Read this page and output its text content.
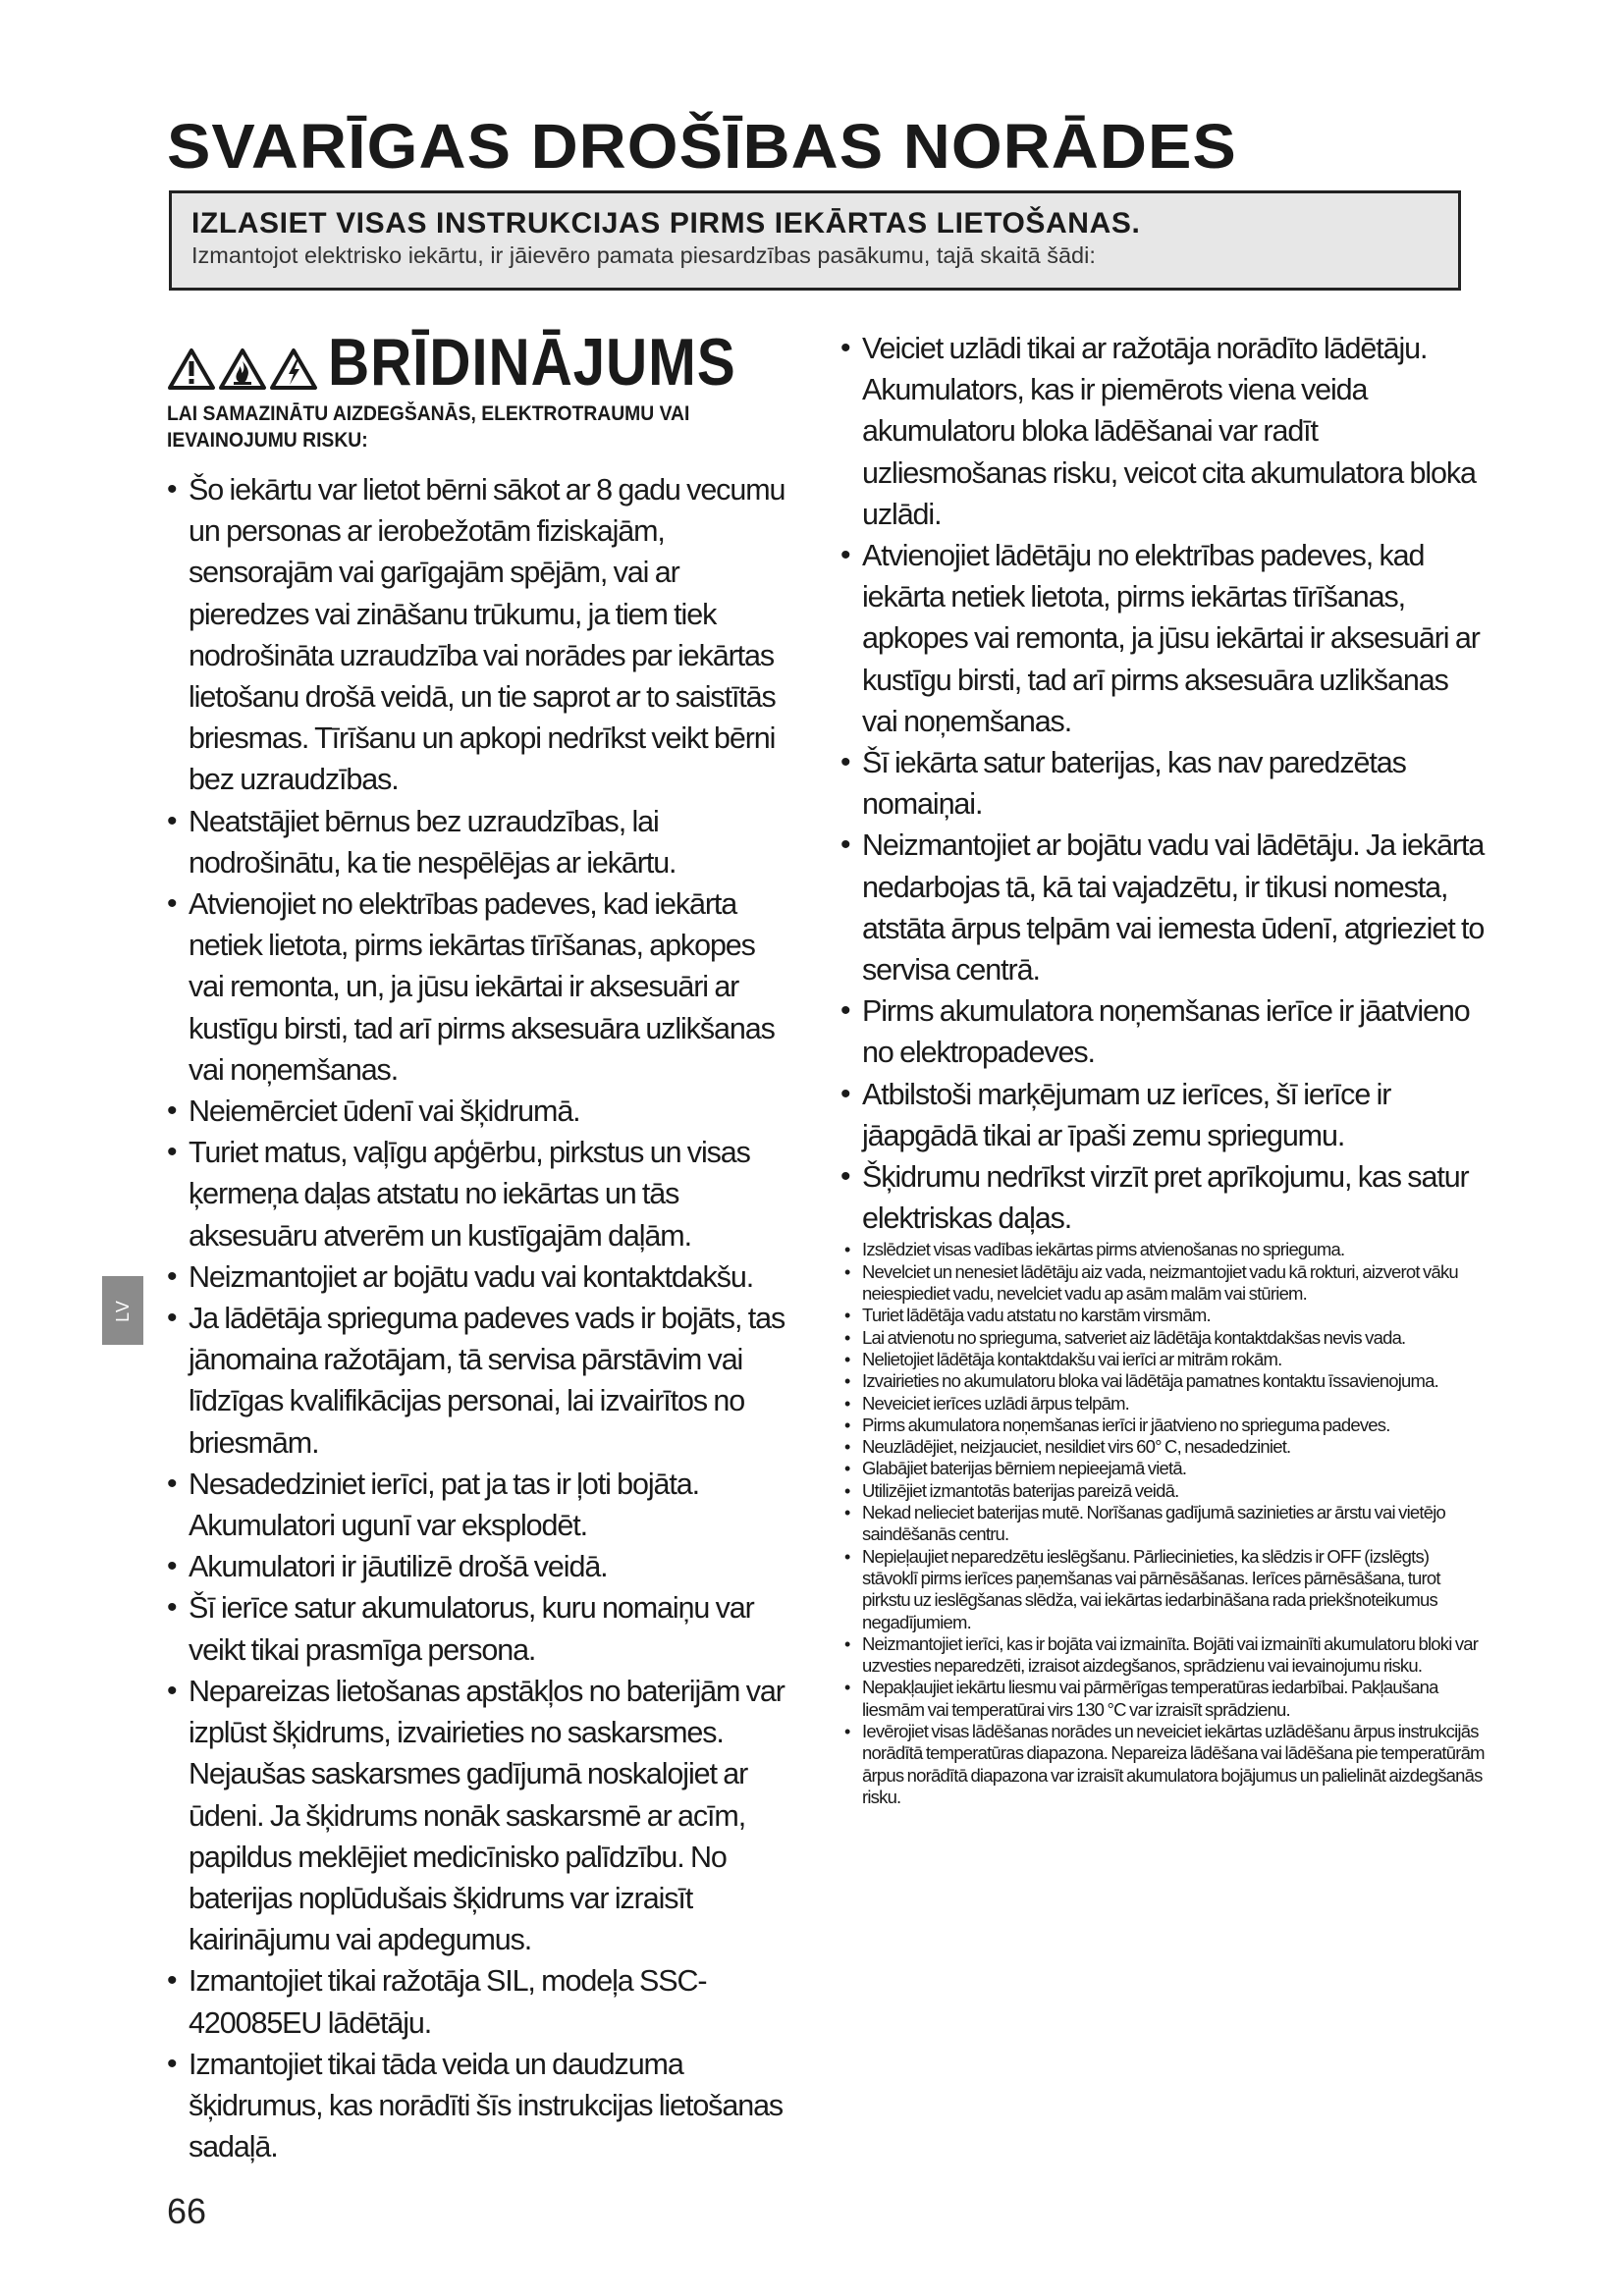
SVARĪGAS DROŠĪBAS NORĀDES
IZLASIET VISAS INSTRUKCIJAS PIRMS IEKĀRTAS LIETOŠANAS.
Izmantojot elektrisko iekārtu, ir jāievēro pamata piesardzības pasākumu, tajā skaitā šādi:
BRĪDINĀJUMS
LAI SAMAZINĀTU AIZDEGŠANĀS, ELEKTROTRAUMU VAI IEVAINOJUMU RISKU:
• Šo iekārtu var lietot bērni sākot ar 8 gadu vecumu un personas ar ierobežotām fiziskajām, sensorajām vai garīgajām spējām, vai ar pieredzes vai zināšanu trūkumu, ja tiem tiek nodrošināta uzraudzība vai norādes par iekārtas lietošanu drošā veidā, un tie saprot ar to saistītās briesmas. Tīrīšanu un apkopi nedrīkst veikt bērni bez uzraudzības.
• Neatstājiet bērnus bez uzraudzības, lai nodrošinātu, ka tie nespēlējas ar iekārtu.
• Atvienojiet no elektrības padeves, kad iekārta netiek lietota, pirms iekārtas tīrīšanas, apkopes vai remonta, un, ja jūsu iekārtai ir aksesuāri ar kustīgu birsti, tad arī pirms aksesuāra uzlikšanas vai noņemšanas.
• Neiemērciet ūdenī vai šķidrumā.
• Turiet matus, vaļīgu apģērbu, pirkstus un visas ķermeņa daļas atstatu no iekārtas un tās aksesuāru atverēm un kustīgajām daļām.
• Neizmantojiet ar bojātu vadu vai kontaktdakšu.
• Ja lādētāja sprieguma padeves vads ir bojāts, tas jānomaina ražotājam, tā servisa pārstāvim vai līdzīgas kvalifikācijas personai, lai izvairītos no briesmām.
• Nesadedziniet ierīci, pat ja tas ir ļoti bojāta. Akumulatori ugunī var eksplodēt.
• Akumulatori ir jāutilizē drošā veidā.
• Šī ierīce satur akumulatorus, kuru nomaiņu var veikt tikai prasmīga persona.
• Nepareizas lietošanas apstākļos no baterijām var izplūst šķidrums, izvairieties no saskarsmes. Nejaušas saskarsmes gadījumā noskalojiet ar ūdeni. Ja šķidrums nonāk saskarsmē ar acīm, papildus meklējiet medicīnisko palīdzību. No baterijas noplūdušais šķidrums var izraisīt kairinājumu vai apdegumus.
• Izmantojiet tikai ražotāja SIL, modeļa SSC-420085EU lādētāju.
• Izmantojiet tikai tāda veida un daudzuma šķidrumus, kas norādīti šīs instrukcijas lietošanas sadaļā.
• Veiciet uzlādi tikai ar ražotāja norādīto lādētāju. Akumulators, kas ir piemērots viena veida akumulatoru bloka lādēšanai var radīt uzliesmošanas risku, veicot cita akumulatora bloka uzlādi.
• Atvienojiet lādētāju no elektrības padeves, kad iekārta netiek lietota, pirms iekārtas tīrīšanas, apkopes vai remonta, ja jūsu iekārtai ir aksesuāri ar kustīgu birsti, tad arī pirms aksesuāra uzlikšanas vai noņemšanas.
• Šī iekārta satur baterijas, kas nav paredzētas nomaiņai.
• Neizmantojiet ar bojātu vadu vai lādētāju. Ja iekārta nedarbojas tā, kā tai vajadzētu, ir tikusi nomesta, atstāta ārpus telpām vai iemesta ūdenī, atgrieziet to servisa centrā.
• Pirms akumulatora noņemšanas ierīce ir jāatvieno no elektropadeves.
• Atbilstoši marķējumam uz ierīces, šī ierīce ir jāapgādā tikai ar īpaši zemu spriegumu.
• Šķidrumu nedrīkst virzīt pret aprīkojumu, kas satur elektriskas daļas.
• Izslēdziet visas vadības iekārtas pirms atvienošanas no sprieguma.
• Nevelciet un nenesiet lādētāju aiz vada, neizmantojiet vadu kā rokturi, aizverot vāku neiespiediet vadu, nevelciet vadu ap asām malām vai stūriem.
• Turiet lādētāja vadu atstatu no karstām virsmām.
• Lai atvienotu no sprieguma, satveriet aiz lādētāja kontaktdakšas nevis vada.
• Nelietojiet lādētāja kontaktdakšu vai ierīci ar mitrām rokām.
• Izvairieties no akumulatoru bloka vai lādētāja pamatnes kontaktu īssavienojuma.
• Neveiciet ierīces uzlādi ārpus telpām.
• Pirms akumulatora noņemšanas ierīci ir jāatvieno no sprieguma padeves.
• Neuzlādējiet, neizjauciet, nesildiet virs 60° C, nesadedziniet.
• Glabājiet baterijas bērniem nepieejamā vietā.
• Utilizējiet izmantotās baterijas pareizā veidā.
• Nekad nelieciet baterijas mutē. Norīšanas gadījumā sazinieties ar ārstu vai vietējo saindēšanās centru.
• Nepieļaujiet neparedzētu ieslēgšanu. Pārliecinieties, ka slēdzis ir OFF (izslēgts) stāvoklī pirms ierīces paņemšanas vai pārnēsāšanas. Ierīces pārnēsāšana, turot pirkstu uz ieslēgšanas slēdža, vai iekārtas iedarbināšana rada priekšnoteikumus negadījumiem.
• Neizmantojiet ierīci, kas ir bojāta vai izmainīta. Bojāti vai izmainīti akumulatoru bloki var uzvesties neparedzēti, izraisot aizdegšanos, sprādzienu vai ievainojumu risku.
• Nepakļaujiet iekārtu liesmu vai pārmērīgas temperatūras iedarbībai. Pakļaušana liesmām vai temperatūrai virs 130 °C var izraisīt sprādzienu.
• Ievērojiet visas lādēšanas norādes un neveiciet iekārtas uzlādēšanu ārpus instrukcijās norādītā temperatūras diapazona. Nepareiza lādēšana vai lādēšana pie temperatūrām ārpus norādītā diapazona var izraisīt akumulatora bojājumus un palielināt aizdegšanās risku.
LV
66
